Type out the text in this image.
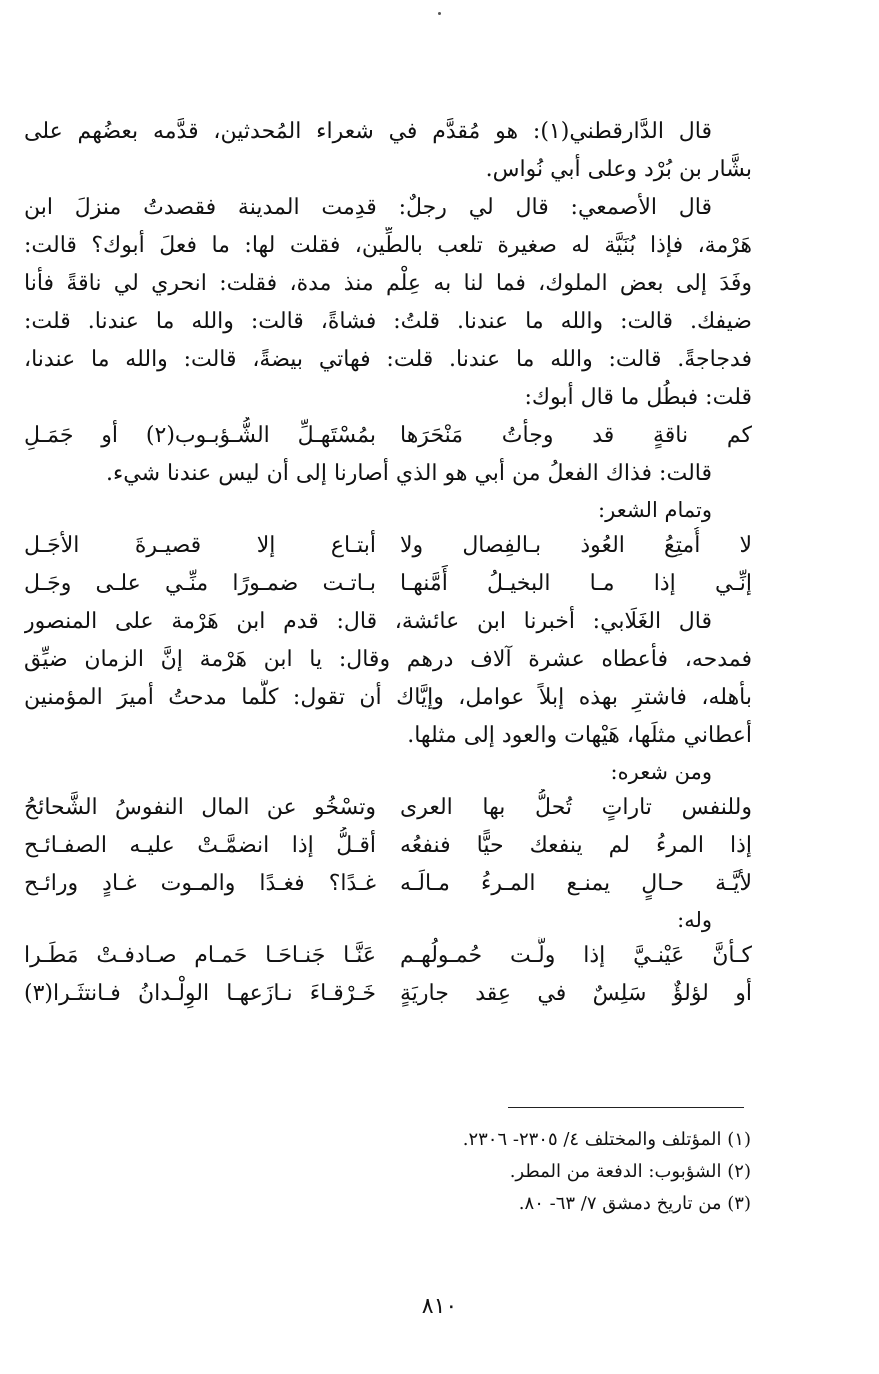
قال الدَّارقطني(١): هو مُقدَّم في شعراء المُحدثين، قدَّمه بعضُهم على
بشَّار بن بُرْد وعلى أبي نُواس.
قال الأصمعي: قال لي رجلٌ: قدِمت المدينة فقصدتُ منزلَ ابن
هَرْمة، فإذا بُنَيَّة له صغيرة تلعب بالطِّين، فقلت لها: ما فعلَ أبوك؟ قالت:
وفَدَ إلى بعض الملوك، فما لنا به عِلْم منذ مدة، فقلت: انحري لي ناقةً فأنا
ضيفك. قالت: والله ما عندنا. قلتُ: فشاةً، قالت: والله ما عندنا. قلت:
فدجاجةً. قالت: والله ما عندنا. قلت: فهاتي بيضةً، قالت: والله ما عندنا،
قلت: فبطُل ما قال أبوك:
كم ناقةٍ قد وجأتُ مَنْحَرَها
بمُسْتَهـلِّ الشُّـؤبـوب(٢) أو جَمَـلِ
قالت: فذاك الفعلُ من أبي هو الذي أصارنا إلى أن ليس عندنا شيء.
وتمام الشعر:
لا أُمتِعُ العُوذ بـالفِصال ولا
أبتـاع إلا قصيـرةَ الأجَـل
إنِّـي إذا مـا البخيـلُ أَمَّنهـا
بـاتـت ضمـورًا منِّـي علـى وجَـل
قال الغَلَابي: أخبرنا ابن عائشة، قال: قدم ابن هَرْمة على المنصور
فمدحه، فأعطاه عشرة آلاف درهم وقال: يا ابن هَرْمة إنَّ الزمان ضيِّق
بأهله، فاشترِ بهذه إبلاً عوامل، وإيَّاك أن تقول: كلَّما مدحتُ أميرَ المؤمنين
أعطاني مثلَها، هَيْهات والعود إلى مثلها.
ومن شعره:
وللنفس تاراتٍ تُحلُّ بها العرى
وتسْخُو عن المال النفوسُ الشَّحائحُ
إذا المرءُ لم ينفعك حيًّا فنفعُه
أقـلُّ إذا انضمَّـتْ عليـه الصفـائـح
لأيَّـة حـالٍ يمنـع المـرءُ مـالَـه
غـدًا؟ فغـدًا والمـوت غـادٍ ورائـح
وله:
كـأنَّ عَيْنـيَّ إذا ولَّـت حُمـولُهـم
عَنَّـا جَنـاحَـا حَمـام صـادفـتْ مَطَـرا
أو لؤلؤٌ سَلِسٌ في عِقد جاريَةٍ
خَـرْقـاءَ نـازَعهـا الوِلْـدانُ فـانتثَـرا(٣)
(١) المؤتلف والمختلف ٤/ ٢٣٠٥- ٢٣٠٦.
(٢) الشؤبوب: الدفعة من المطر.
(٣) من تاريخ دمشق ٧/ ٦٣- ٨٠.
٨١٠
